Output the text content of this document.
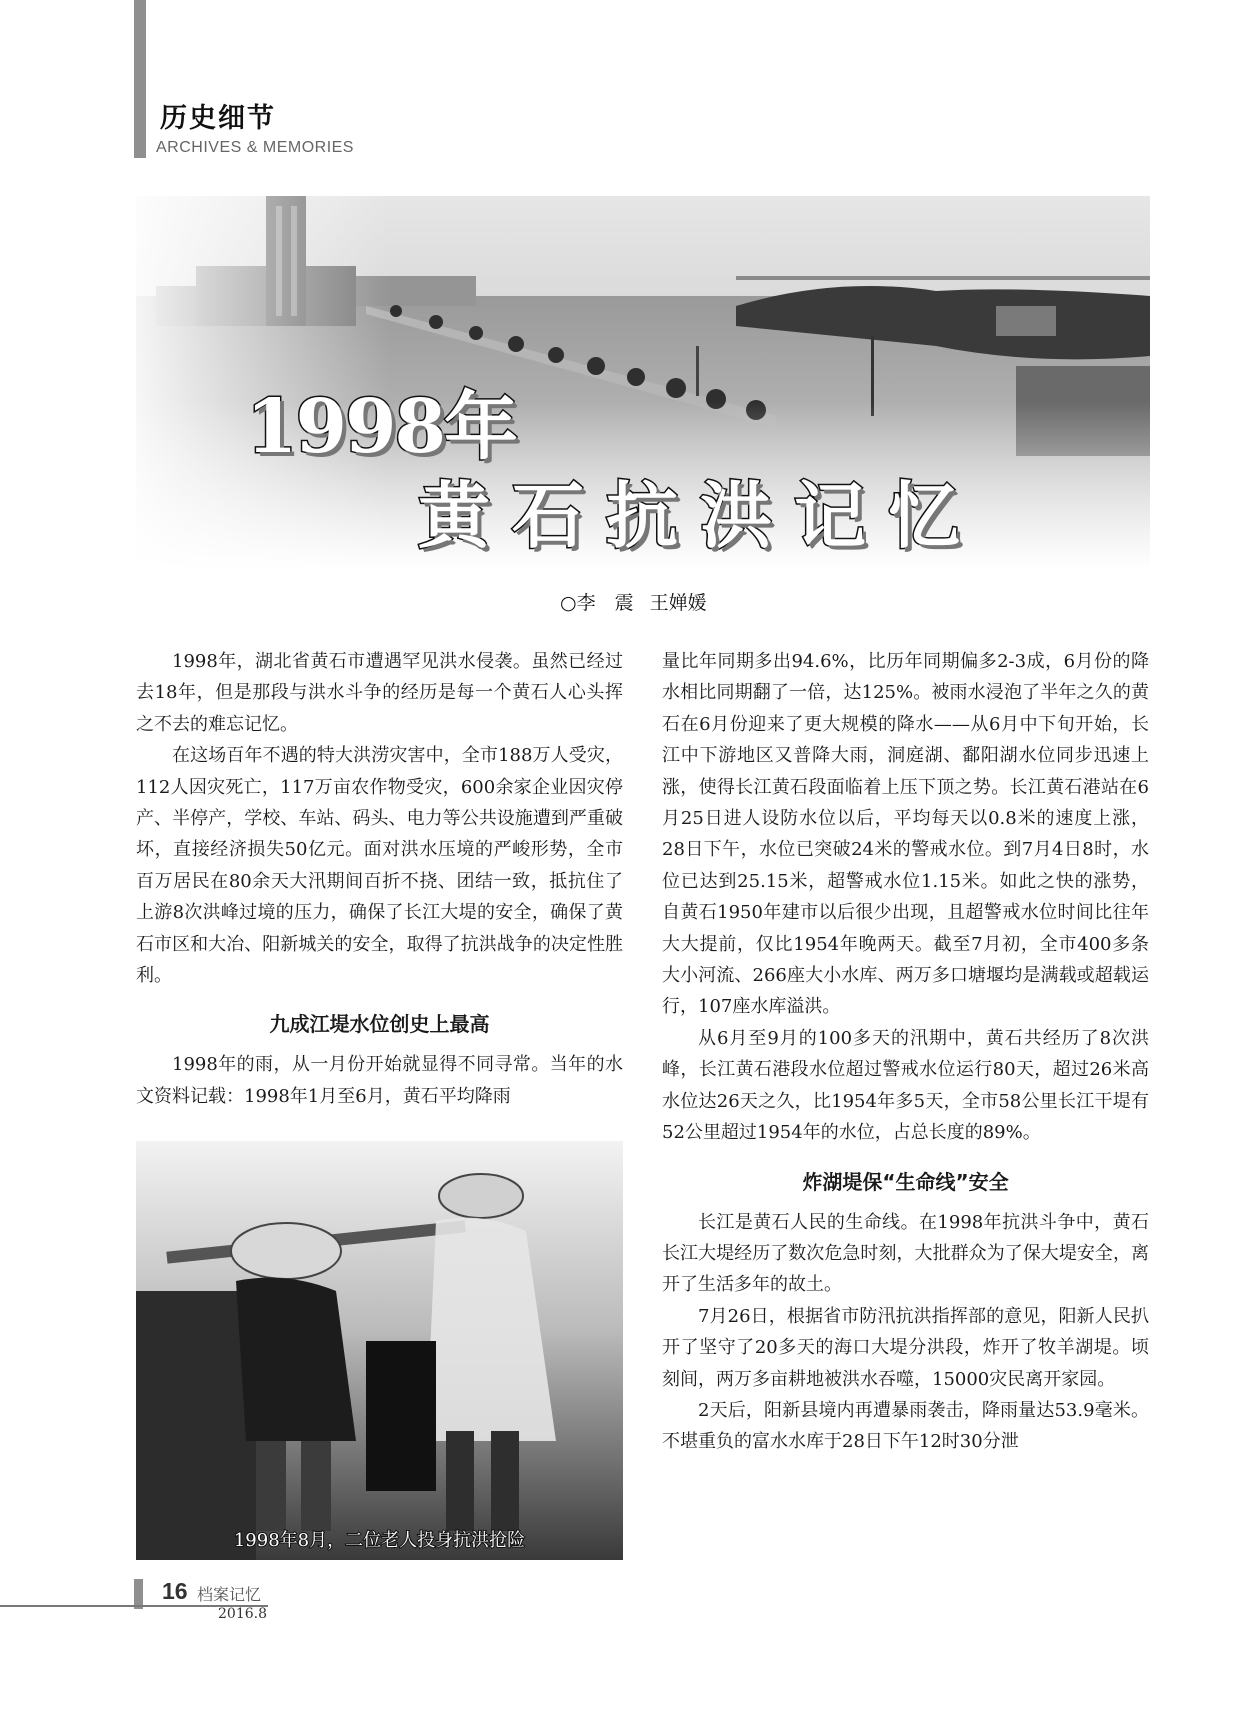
历史细节
ARCHIVES & MEMORIES
1998年
黄石抗洪记忆
○李　震 王婵媛

1998年，湖北省黄石市遭遇罕见洪水侵袭。虽然已经过去18年，但是那段与洪水斗争的经历是每一个黄石人心头挥之不去的难忘记忆。

在这场百年不遇的特大洪涝灾害中，全市188万人受灾，112人因灾死亡，117万亩农作物受灾，600余家企业因灾停产、半停产，学校、车站、码头、电力等公共设施遭到严重破坏，直接经济损失50亿元。面对洪水压境的严峻形势，全市百万居民在80余天大汛期间百折不挠、团结一致，抵抗住了上游8次洪峰过境的压力，确保了长江大堤的安全，确保了黄石市区和大冶、阳新城关的安全，取得了抗洪战争的决定性胜利。

九成江堤水位创史上最高

1998年的雨，从一月份开始就显得不同寻常。当年的水文资料记载：1998年1月至6月，黄石平均降雨

1998年8月，二位老人投身抗洪抢险

量比年同期多出94.6%，比历年同期偏多2-3成，6月份的降水相比同期翻了一倍，达125%。被雨水浸泡了半年之久的黄石在6月份迎来了更大规模的降水——从6月中下旬开始，长江中下游地区又普降大雨，洞庭湖、鄱阳湖水位同步迅速上涨，使得长江黄石段面临着上压下顶之势。长江黄石港站在6月25日进人设防水位以后，平均每天以0.8米的速度上涨，28日下午，水位已突破24米的警戒水位。到7月4日8时，水位已达到25.15米，超警戒水位1.15米。如此之快的涨势，自黄石1950年建市以后很少出现，且超警戒水位时间比往年大大提前，仅比1954年晚两天。截至7月初，全市400多条大小河流、266座大小水库、两万多口塘堰均是满载或超载运行，107座水库溢洪。

从6月至9月的100多天的汛期中，黄石共经历了8次洪峰，长江黄石港段水位超过警戒水位运行80天，超过26米高水位达26天之久，比1954年多5天，全市58公里长江干堤有52公里超过1954年的水位，占总长度的89%。

炸湖堤保“生命线”安全

长江是黄石人民的生命线。在1998年抗洪斗争中，黄石长江大堤经历了数次危急时刻，大批群众为了保大堤安全，离开了生活多年的故土。

7月26日，根据省市防汛抗洪指挥部的意见，阳新人民扒开了坚守了20多天的海口大堤分洪段，炸开了牧羊湖堤。顷刻间，两万多亩耕地被洪水吞噬，15000灾民离开家园。

2天后，阳新县境内再遭暴雨袭击，降雨量达53.9毫米。不堪重负的富水水库于28日下午12时30分泄

16 档案记忆
2016.8
